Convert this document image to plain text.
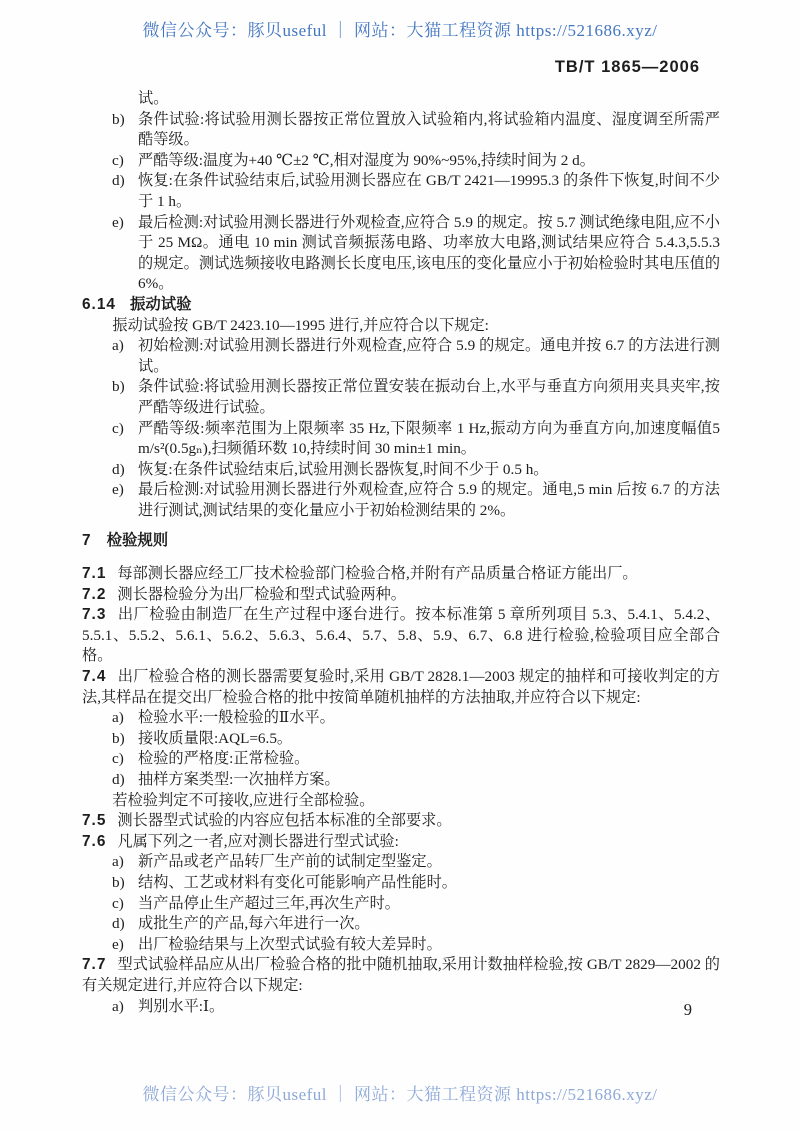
微信公众号：豚贝useful ｜ 网站：大猫工程资源 https://521686.xyz/
TB/T 1865—2006
试。
b) 条件试验:将试验用测长器按正常位置放入试验箱内,将试验箱内温度、湿度调至所需严酷等级。
c) 严酷等级:温度为+40 ℃±2 ℃,相对湿度为 90%~95%,持续时间为 2 d。
d) 恢复:在条件试验结束后,试验用测长器应在 GB/T 2421—19995.3 的条件下恢复,时间不少于 1 h。
e) 最后检测:对试验用测长器进行外观检查,应符合 5.9 的规定。按 5.7 测试绝缘电阻,应不小于 25 MΩ。通电 10 min 测试音频振荡电路、功率放大电路,测试结果应符合 5.4.3,5.5.3 的规定。测试选频接收电路测长长度电压,该电压的变化量应小于初始检验时其电压值的 6%。
6.14 振动试验
振动试验按 GB/T 2423.10—1995 进行,并应符合以下规定:
a) 初始检测:对试验用测长器进行外观检查,应符合 5.9 的规定。通电并按 6.7 的方法进行测试。
b) 条件试验:将试验用测长器按正常位置安装在振动台上,水平与垂直方向须用夹具夹牢,按严酷等级进行试验。
c) 严酷等级:频率范围为上限频率 35 Hz,下限频率 1 Hz,振动方向为垂直方向,加速度幅值5 m/s²(0.5gₙ),扫频循环数 10,持续时间 30 min±1 min。
d) 恢复:在条件试验结束后,试验用测长器恢复,时间不少于 0.5 h。
e) 最后检测:对试验用测长器进行外观检查,应符合 5.9 的规定。通电,5 min 后按 6.7 的方法进行测试,测试结果的变化量应小于初始检测结果的 2%。
7 检验规则
7.1 每部测长器应经工厂技术检验部门检验合格,并附有产品质量合格证方能出厂。
7.2 测长器检验分为出厂检验和型式试验两种。
7.3 出厂检验由制造厂在生产过程中逐台进行。按本标准第 5 章所列项目 5.3、5.4.1、5.4.2、5.5.1、5.5.2、5.6.1、5.6.2、5.6.3、5.6.4、5.7、5.8、5.9、6.7、6.8 进行检验,检验项目应全部合格。
7.4 出厂检验合格的测长器需要复验时,采用 GB/T 2828.1—2003 规定的抽样和可接收判定的方法,其样品在提交出厂检验合格的批中按简单随机抽样的方法抽取,并应符合以下规定:
a) 检验水平:一般检验的Ⅱ水平。
b) 接收质量限:AQL=6.5。
c) 检验的严格度:正常检验。
d) 抽样方案类型:一次抽样方案。
若检验判定不可接收,应进行全部检验。
7.5 测长器型式试验的内容应包括本标准的全部要求。
7.6 凡属下列之一者,应对测长器进行型式试验:
a) 新产品或老产品转厂生产前的试制定型鉴定。
b) 结构、工艺或材料有变化可能影响产品性能时。
c) 当产品停止生产超过三年,再次生产时。
d) 成批生产的产品,每六年进行一次。
e) 出厂检验结果与上次型式试验有较大差异时。
7.7 型式试验样品应从出厂检验合格的批中随机抽取,采用计数抽样检验,按 GB/T 2829—2002 的有关规定进行,并应符合以下规定:
a) 判别水平:Ⅰ。	9
微信公众号：豚贝useful ｜ 网站：大猫工程资源 https://521686.xyz/
